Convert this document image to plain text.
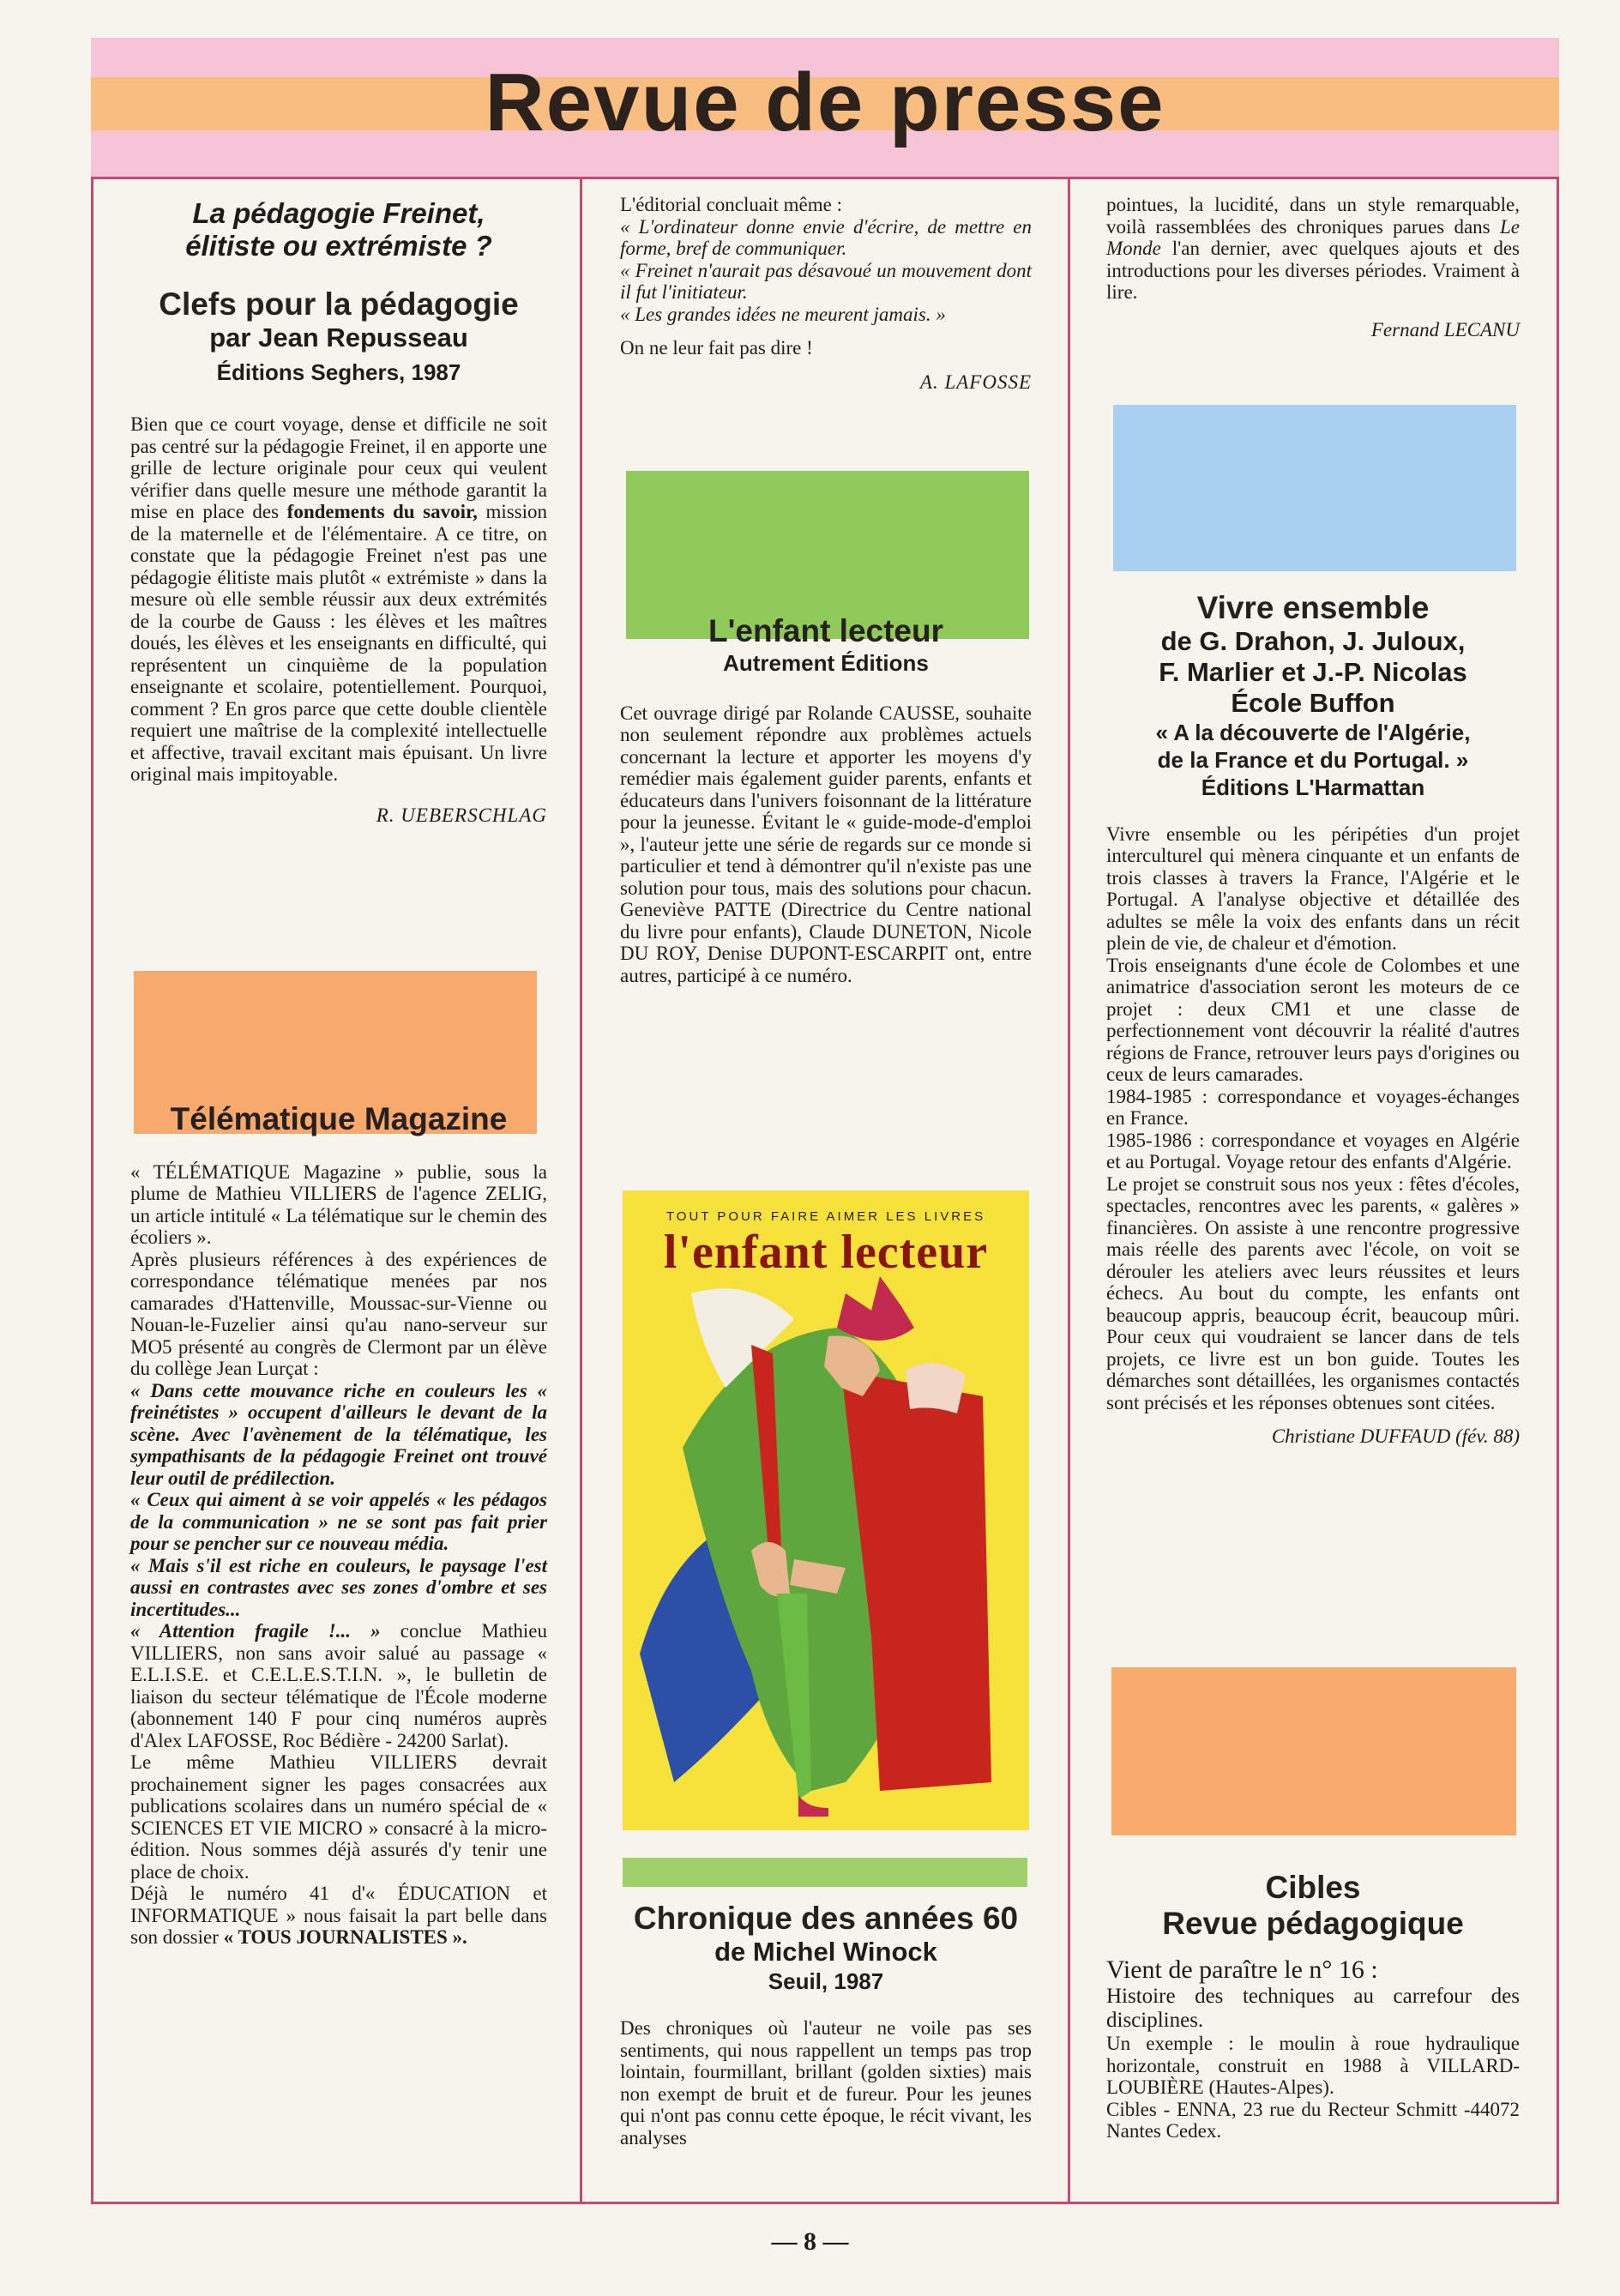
Revue de presse
TOUT POUR FAIRE AIMER LES LIVRES
l'enfant lecteur

La pédagogie Freinet,

élitiste ou extrémiste ?

Clefs pour la pédagogie

par Jean Repusseau

Éditions Seghers, 1987

Bien que ce court voyage, dense et difficile ne soit pas centré sur la pédagogie Freinet, il en apporte une grille de lecture originale pour ceux qui veulent vérifier dans quelle mesure une méthode garantit la mise en place des fondements du savoir, mission de la maternelle et de l'élémentaire. A ce titre, on constate que la pédagogie Freinet n'est pas une pédagogie élitiste mais plutôt « extrémiste » dans la mesure où elle semble réussir aux deux extrémités de la courbe de Gauss : les élèves et les maîtres doués, les élèves et les enseignants en difficulté, qui représentent un cinquième de la population enseignante et scolaire, potentiellement. Pourquoi, comment ? En gros parce que cette double clientèle requiert une maîtrise de la complexité intellectuelle et affective, travail excitant mais épuisant. Un livre original mais impitoyable.

R. UEBERSCHLAG

Télématique Magazine

« TÉLÉMATIQUE Magazine » publie, sous la plume de Mathieu VILLIERS de l'agence ZELIG, un article intitulé « La télématique sur le chemin des écoliers ».

Après plusieurs références à des expériences de correspondance télématique menées par nos camarades d'Hattenville, Moussac-sur-Vienne ou Nouan-le-Fuzelier ainsi qu'au nano-serveur sur MO5 présenté au congrès de Clermont par un élève du collège Jean Lurçat :

« Dans cette mouvance riche en couleurs les « freinétistes » occupent d'ailleurs le devant de la scène. Avec l'avènement de la télématique, les sympathisants de la pédagogie Freinet ont trouvé leur outil de prédilection.

« Ceux qui aiment à se voir appelés « les pédagos de la communication » ne se sont pas fait prier pour se pencher sur ce nouveau média.

« Mais s'il est riche en couleurs, le paysage l'est aussi en contrastes avec ses zones d'ombre et ses incertitudes...

« Attention fragile !... » conclue Mathieu VILLIERS, non sans avoir salué au passage « E.L.I.S.E. et C.E.L.E.S.T.I.N. », le bulletin de liaison du secteur télématique de l'École moderne (abonnement 140 F pour cinq numéros auprès d'Alex LAFOSSE, Roc Bédière - 24200 Sarlat).

Le même Mathieu VILLIERS devrait prochainement signer les pages consacrées aux publications scolaires dans un numéro spécial de « SCIENCES ET VIE MICRO » consacré à la micro-édition. Nous sommes déjà assurés d'y tenir une place de choix.

Déjà le numéro 41 d'« ÉDUCATION et INFORMATIQUE » nous faisait la part belle dans son dossier « TOUS JOURNALISTES ».

L'éditorial concluait même :

« L'ordinateur donne envie d'écrire, de mettre en forme, bref de communiquer.

« Freinet n'aurait pas désavoué un mouvement dont il fut l'initiateur.

« Les grandes idées ne meurent jamais. »

On ne leur fait pas dire !

A. LAFOSSE

L'enfant lecteur

Autrement Éditions

Cet ouvrage dirigé par Rolande CAUSSE, souhaite non seulement répondre aux problèmes actuels concernant la lecture et apporter les moyens d'y remédier mais également guider parents, enfants et éducateurs dans l'univers foisonnant de la littérature pour la jeunesse. Évitant le « guide-mode-d'emploi », l'auteur jette une série de regards sur ce monde si particulier et tend à démontrer qu'il n'existe pas une solution pour tous, mais des solutions pour chacun. Geneviève PATTE (Directrice du Centre national du livre pour enfants), Claude DUNETON, Nicole DU ROY, Denise DUPONT-ESCARPIT ont, entre autres, participé à ce numéro.

Chronique des années 60

de Michel Winock

Seuil, 1987

Des chroniques où l'auteur ne voile pas ses sentiments, qui nous rappellent un temps pas trop lointain, fourmillant, brillant (golden sixties) mais non exempt de bruit et de fureur. Pour les jeunes qui n'ont pas connu cette époque, le récit vivant, les analyses

pointues, la lucidité, dans un style remarquable, voilà rassemblées des chroniques parues dans Le Monde l'an dernier, avec quelques ajouts et des introductions pour les diverses périodes. Vraiment à lire.

Fernand LECANU

Vivre ensemble

de G. Drahon, J. Juloux,

F. Marlier et J.-P. Nicolas

École Buffon

« A la découverte de l'Algérie,

de la France et du Portugal. »

Éditions L'Harmattan

Vivre ensemble ou les péripéties d'un projet interculturel qui mènera cinquante et un enfants de trois classes à travers la France, l'Algérie et le Portugal. A l'analyse objective et détaillée des adultes se mêle la voix des enfants dans un récit plein de vie, de chaleur et d'émotion.

Trois enseignants d'une école de Colombes et une animatrice d'association seront les moteurs de ce projet : deux CM1 et une classe de perfectionnement vont découvrir la réalité d'autres régions de France, retrouver leurs pays d'origines ou ceux de leurs camarades.

1984-1985 : correspondance et voyages-échanges en France.

1985-1986 : correspondance et voyages en Algérie et au Portugal. Voyage retour des enfants d'Algérie.

Le projet se construit sous nos yeux : fêtes d'écoles, spectacles, rencontres avec les parents, « galères » financières. On assiste à une rencontre progressive mais réelle des parents avec l'école, on voit se dérouler les ateliers avec leurs réussites et leurs échecs. Au bout du compte, les enfants ont beaucoup appris, beaucoup écrit, beaucoup mûri. Pour ceux qui voudraient se lancer dans de tels projets, ce livre est un bon guide. Toutes les démarches sont détaillées, les organismes contactés sont précisés et les réponses obtenues sont citées.

Christiane DUFFAUD (fév. 88)

Cibles

Revue pédagogique

Vient de paraître le n° 16 :

Histoire des techniques au carrefour des disciplines.

Un exemple : le moulin à roue hydraulique horizontale, construit en 1988 à VILLARD-LOUBIÈRE (Hautes-Alpes).

Cibles - ENNA, 23 rue du Recteur Schmitt -44072 Nantes Cedex.

— 8 —
